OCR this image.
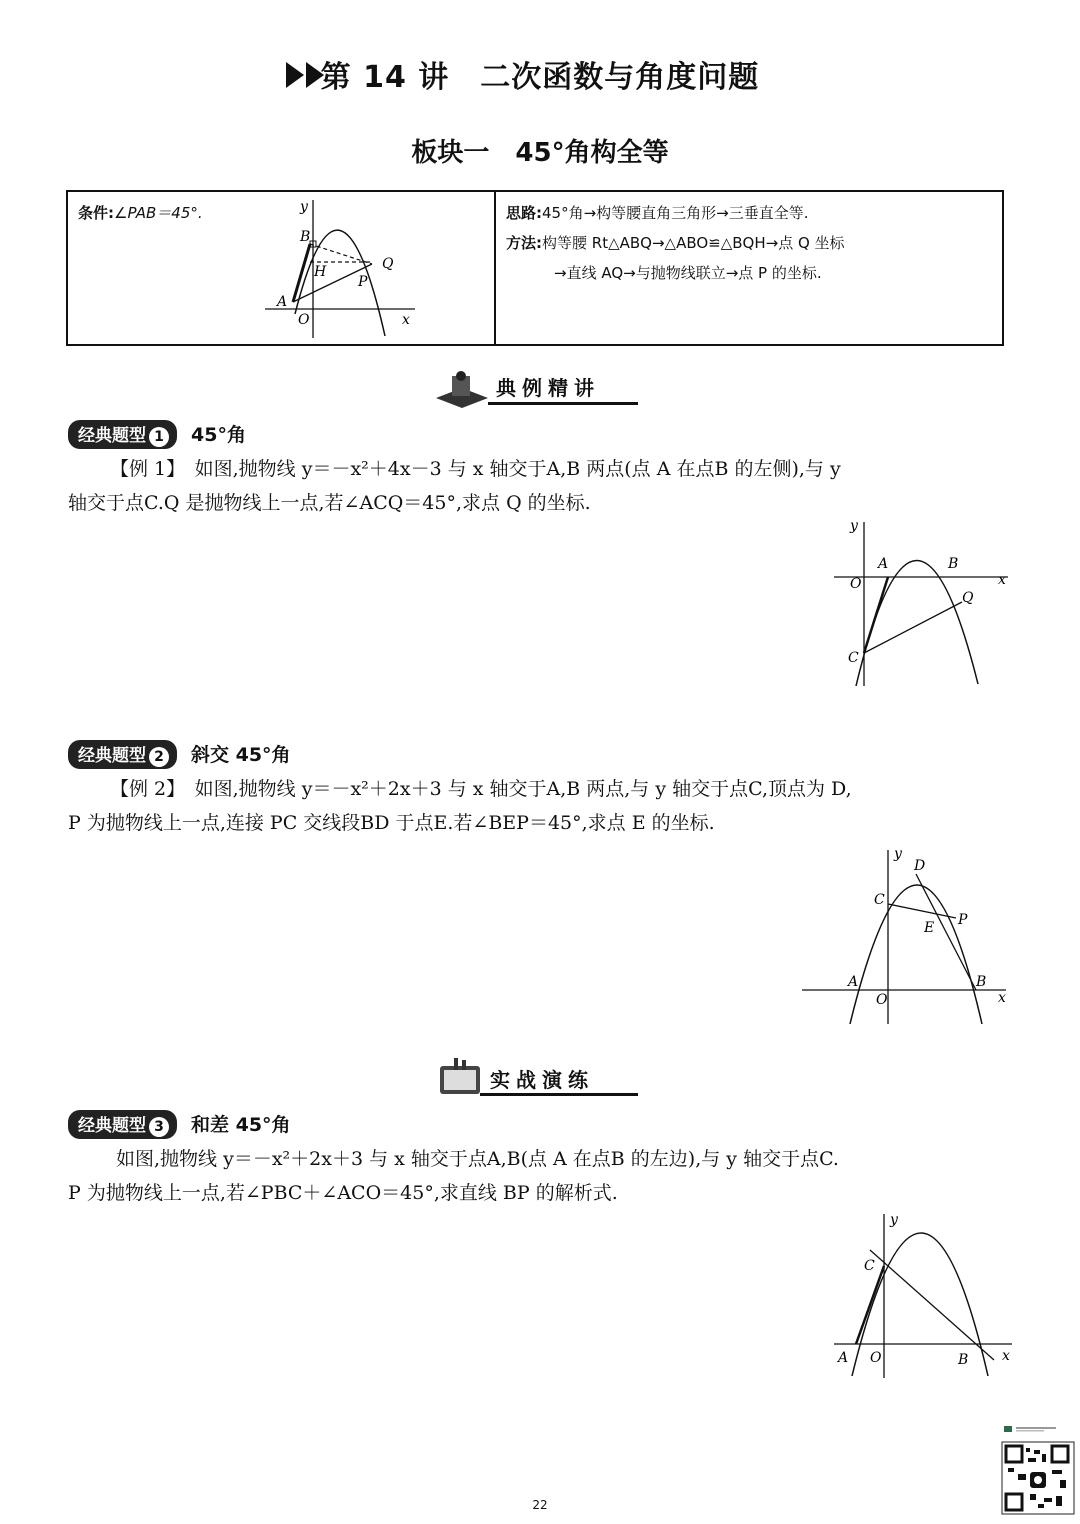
第 14 讲　二次函数与角度问题
板块一　45°角构全等
条件:∠PAB＝45°.	思路:45°角→构等腰直角三角形→三垂直全等.
方法:构等腰 Rt△ABQ→△ABO≌△BQH→点 Q 坐标
→直线 AQ→与抛物线联立→点 P 的坐标.
y
B
H	Q
P
A
O	x
典例精讲
经典题型 1 45°角
【例 1】　如图,抛物线 y＝－x²＋4x－3 与 x 轴交于A,B 两点(点 A 在点B 的左侧),与 y
轴交于点C.Q 是抛物线上一点,若∠ACQ＝45°,求点 Q 的坐标.
y
A	B
O	x
Q
C
经典题型 2 斜交 45°角
【例 2】　如图,抛物线 y＝－x²＋2x＋3 与 x 轴交于A,B 两点,与 y 轴交于点C,顶点为 D,
P 为抛物线上一点,连接 PC 交线段BD 于点E.若∠BEP＝45°,求点 E 的坐标.
y
D
C
E P
A	B
O	x
实战演练
经典题型 3 和差 45°角
如图,抛物线 y＝－x²＋2x＋3 与 x 轴交于点A,B(点 A 在点B 的左边),与 y 轴交于点C.
P 为抛物线上一点,若∠PBC＋∠ACO＝45°,求直线 BP 的解析式.
y
C
A O	B x
22
